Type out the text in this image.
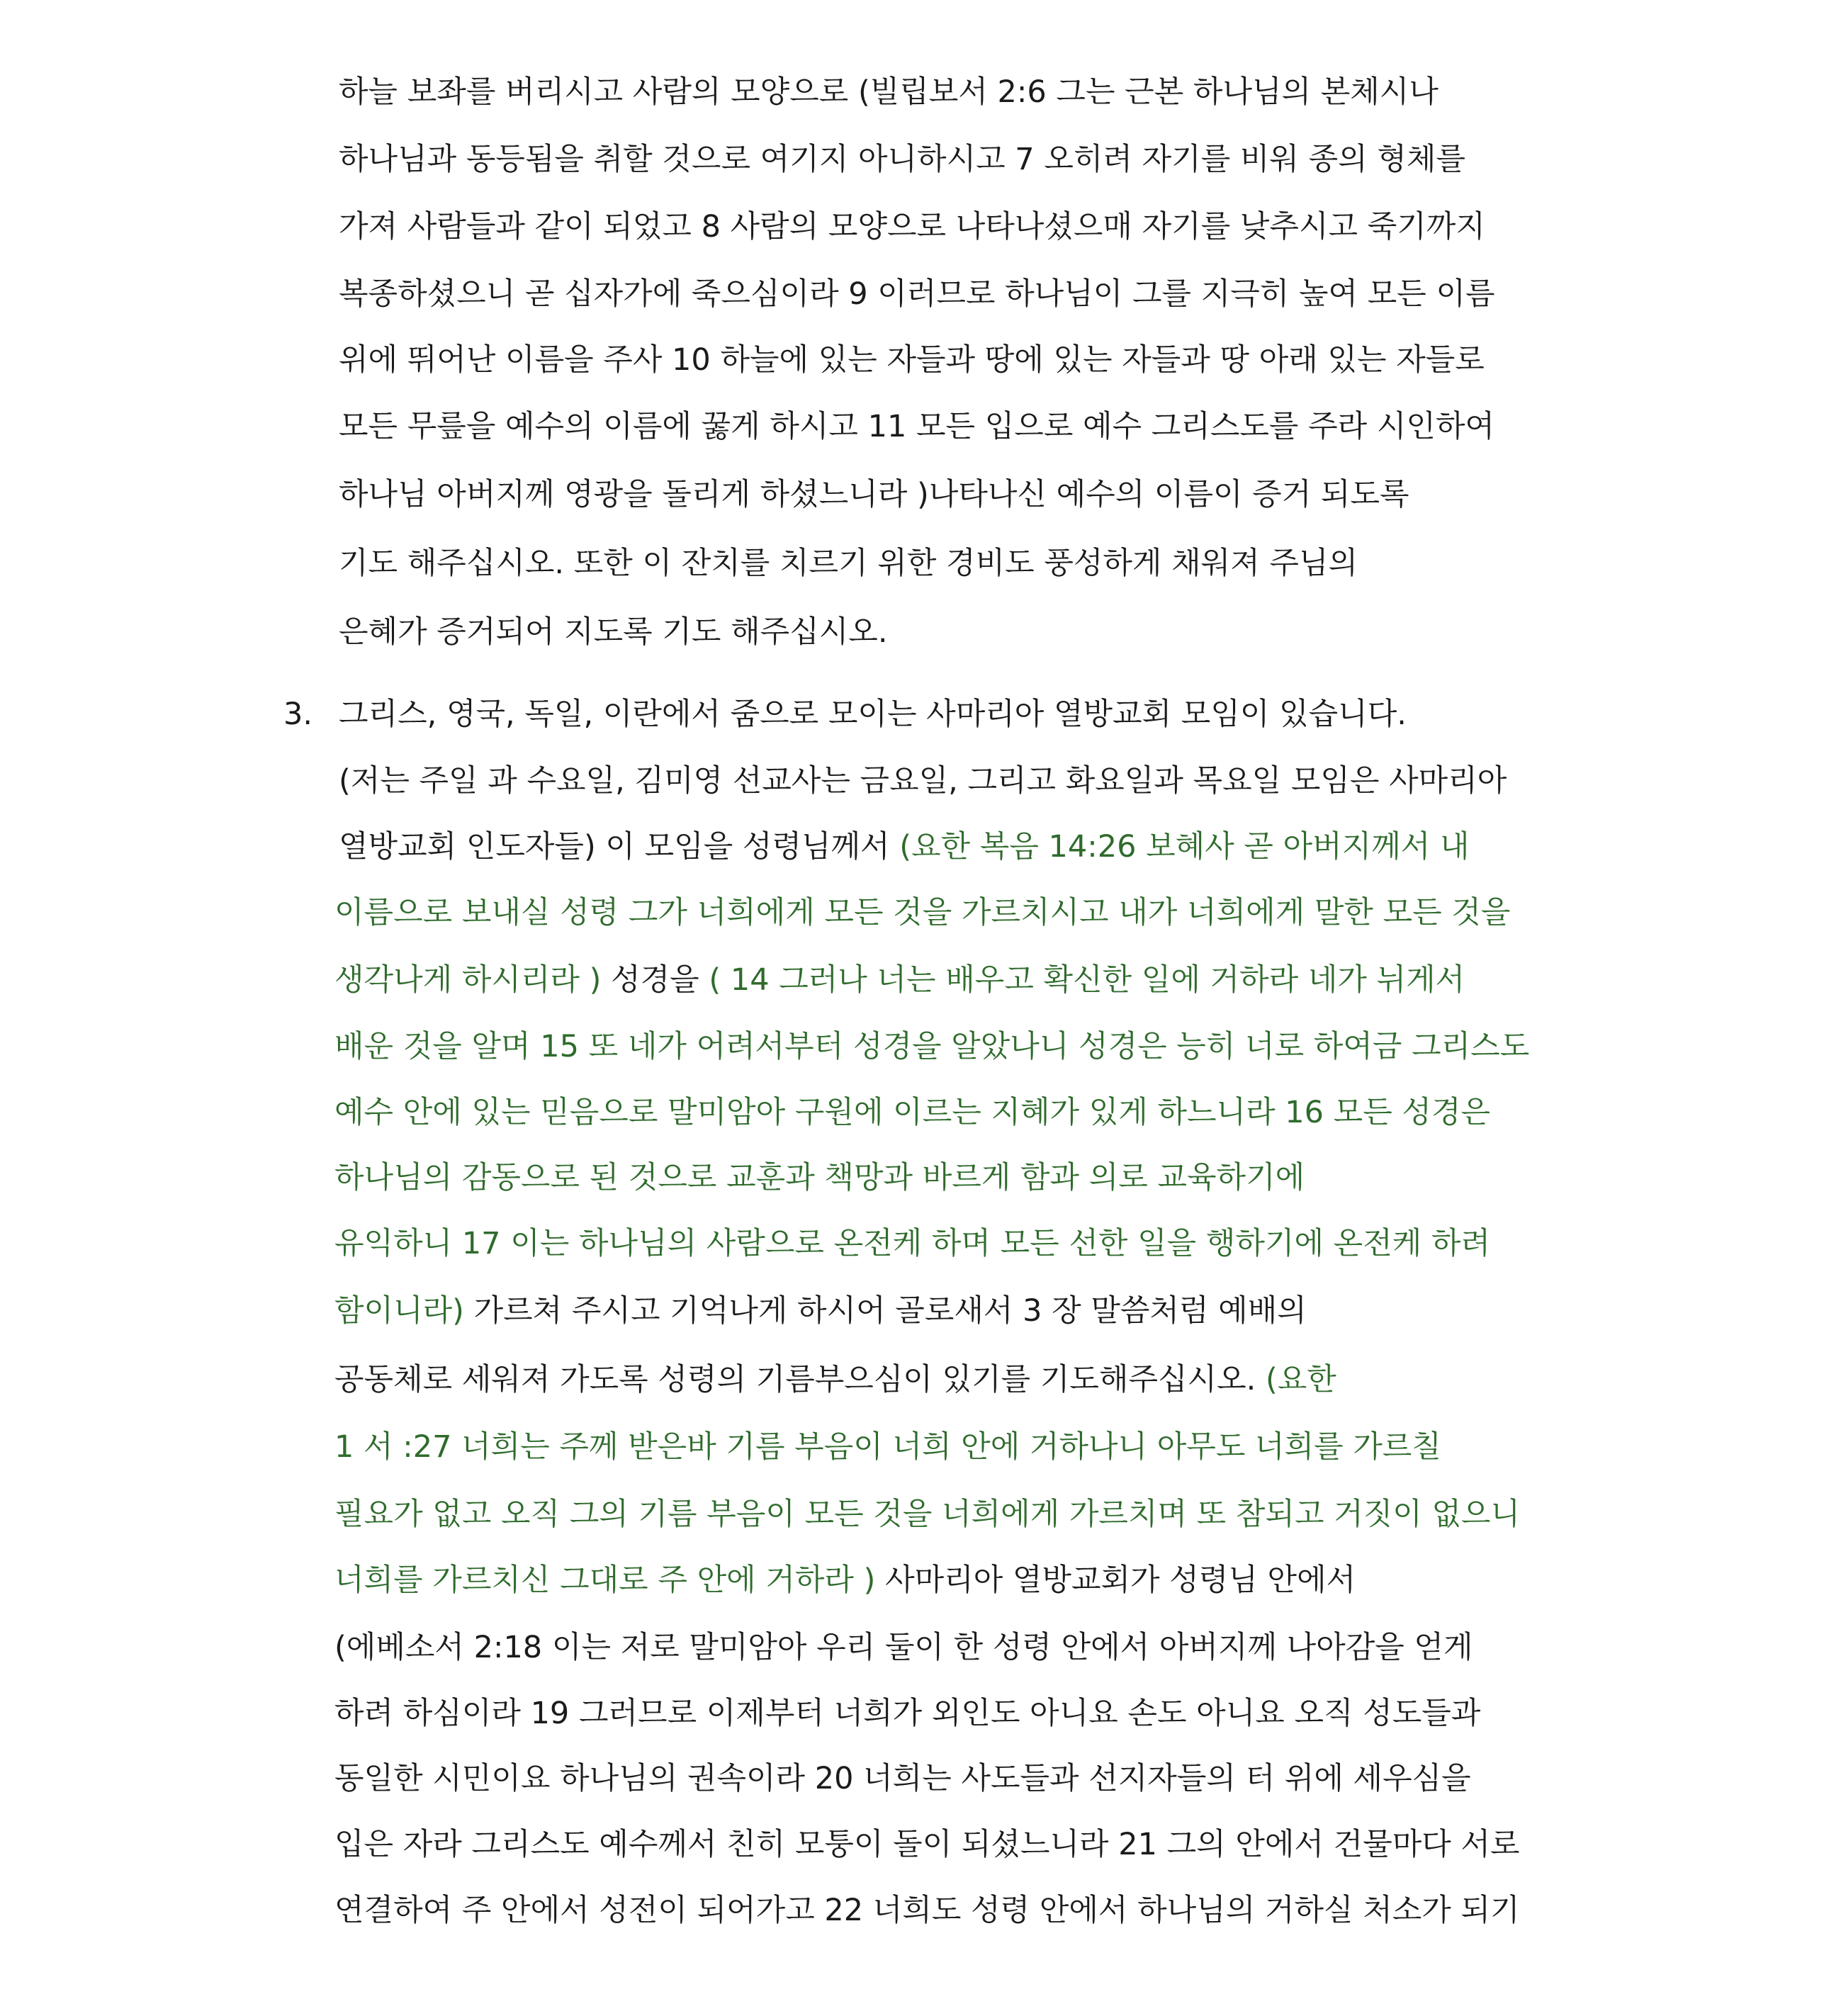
3.
하늘 보좌를 버리시고 사람의 모양으로 (빌립보서 2:6 그는 근본 하나님의 본체시나
하나님과 동등됨을 취할 것으로 여기지 아니하시고 7 오히려 자기를 비워 종의 형체를
가져 사람들과 같이 되었고 8 사람의 모양으로 나타나셨으매 자기를 낮추시고 죽기까지
복종하셨으니 곧 십자가에 죽으심이라 9 이러므로 하나님이 그를 지극히 높여 모든 이름
위에 뛰어난 이름을 주사 10 하늘에 있는 자들과 땅에 있는 자들과 땅 아래 있는 자들로
모든 무릎을 예수의 이름에 꿇게 하시고 11 모든 입으로 예수 그리스도를 주라 시인하여
하나님 아버지께 영광을 돌리게 하셨느니라 )나타나신 예수의 이름이 증거 되도록
기도 해주십시오. 또한 이 잔치를 치르기 위한 경비도 풍성하게 채워져 주님의
은혜가 증거되어 지도록 기도 해주십시오.
그리스, 영국, 독일, 이란에서 줌으로 모이는 사마리아 열방교회 모임이 있습니다.
(저는 주일 과 수요일, 김미영 선교사는 금요일, 그리고 화요일과 목요일 모임은 사마리아
열방교회 인도자들) 이 모임을 성령님께서 (요한 복음 14:26 보혜사 곧 아버지께서 내
이름으로 보내실 성령 그가 너희에게 모든 것을 가르치시고 내가 너희에게 말한 모든 것을
생각나게 하시리라 ) 성경을 ( 14 그러나 너는 배우고 확신한 일에 거하라 네가 뉘게서
배운 것을 알며 15 또 네가 어려서부터 성경을 알았나니 성경은 능히 너로 하여금 그리스도
예수 안에 있는 믿음으로 말미암아 구원에 이르는 지혜가 있게 하느니라 16 모든 성경은
하나님의 감동으로 된 것으로 교훈과 책망과 바르게 함과 의로 교육하기에
유익하니 17 이는 하나님의 사람으로 온전케 하며 모든 선한 일을 행하기에 온전케 하려
함이니라) 가르쳐 주시고 기억나게 하시어 골로새서 3 장 말씀처럼 예배의
공동체로 세워져 가도록 성령의 기름부으심이 있기를 기도해주십시오. (요한
1 서 :27 너희는 주께 받은바 기름 부음이 너희 안에 거하나니 아무도 너희를 가르칠
필요가 없고 오직 그의 기름 부음이 모든 것을 너희에게 가르치며 또 참되고 거짓이 없으니
너희를 가르치신 그대로 주 안에 거하라 ) 사마리아 열방교회가 성령님 안에서
(에베소서 2:18 이는 저로 말미암아 우리 둘이 한 성령 안에서 아버지께 나아감을 얻게
하려 하심이라 19 그러므로 이제부터 너희가 외인도 아니요 손도 아니요 오직 성도들과
동일한 시민이요 하나님의 권속이라 20 너희는 사도들과 선지자들의 터 위에 세우심을
입은 자라 그리스도 예수께서 친히 모퉁이 돌이 되셨느니라 21 그의 안에서 건물마다 서로
연결하여 주 안에서 성전이 되어가고 22 너희도 성령 안에서 하나님의 거하실 처소가 되기
